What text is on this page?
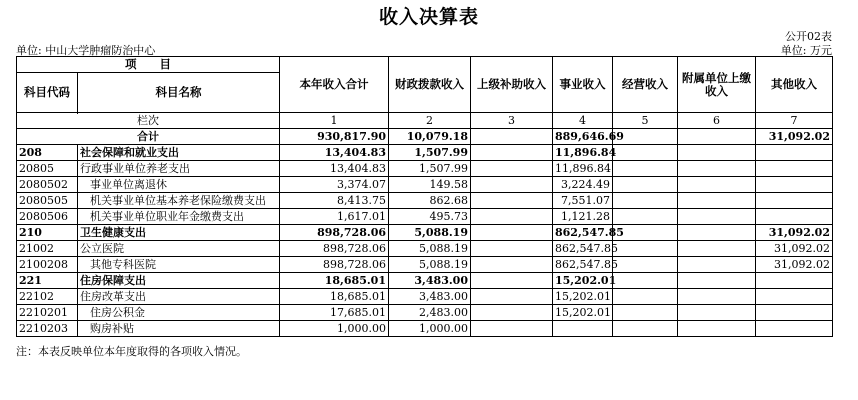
收入决算表
公开02表
单位: 中山大学肿瘤防治中心	单位: 万元
项　　目		本年收入合计	财政拨款收入	上级补助收入	事业收入	经营收入	附属单位上缴收入	其他收入
科目代码	科目名称							

栏次		1	2	3	4	5	6	7
合计		930,817.90	10,079.18		889,646.69			31,092.02
208	社会保障和就业支出	13,404.83	1,507.99		11,896.84			
20805	行政事业单位养老支出	13,404.83	1,507.99		11,896.84			
2080502	事业单位离退休	3,374.07	149.58		3,224.49			
2080505	机关事业单位基本养老保险缴费支出	8,413.75	862.68		7,551.07			
2080506	机关事业单位职业年金缴费支出	1,617.01	495.73		1,121.28			
210	卫生健康支出	898,728.06	5,088.19		862,547.85			31,092.02
21002	公立医院	898,728.06	5,088.19		862,547.85			31,092.02
2100208	其他专科医院	898,728.06	5,088.19		862,547.85			31,092.02
221	住房保障支出	18,685.01	3,483.00		15,202.01			
22102	住房改革支出	18,685.01	3,483.00		15,202.01			
2210201	住房公积金	17,685.01	2,483.00		15,202.01			
2210203	购房补贴	1,000.00	1,000.00					
注：本表反映单位本年度取得的各项收入情况。
